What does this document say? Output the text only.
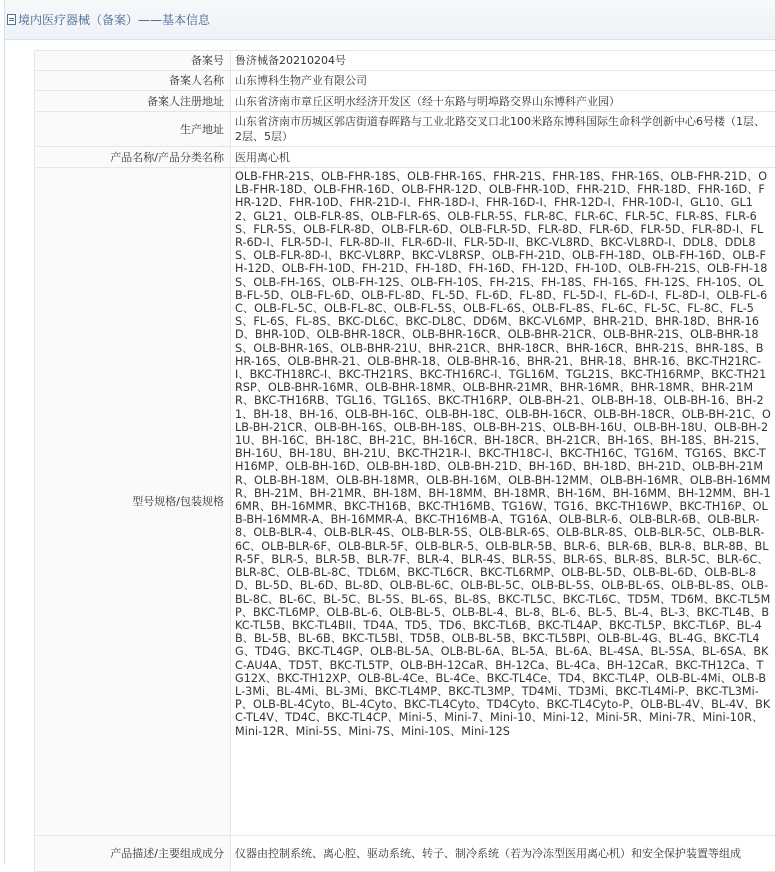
境内医疗器械（备案）——基本信息
备案号	鲁济械备20210204号
备案人名称	山东博科生物产业有限公司
备案人注册地址	山东省济南市章丘区明水经济开发区（经十东路与明埠路交界山东博科产业园）
生产地址	山东省济南市历城区郭店街道春晖路与工业北路交叉口北100米路东博科国际生命科学创新中心6号楼（1层、2层、5层）
产品名称/产品分类名称	医用离心机
型号规格/包装规格	OLB-FHR-21S、OLB-FHR-18S、OLB-FHR-16S、FHR-21S、FHR-18S、FHR-16S、OLB-FHR-21D、OLB-FHR-18D、OLB-FHR-16D、OLB-FHR-12D、OLB-FHR-10D、FHR-21D、FHR-18D、FHR-16D、FHR-12D、FHR-10D、FHR-21D-I、FHR-18D-I、FHR-16D-I、FHR-12D-I、FHR-10D-I、GL10、GL12、GL21、OLB-FLR-8S、OLB-FLR-6S、OLB-FLR-5S、FLR-8C、FLR-6C、FLR-5C、FLR-8S、FLR-6S、FLR-5S、OLB-FLR-8D、OLB-FLR-6D、OLB-FLR-5D、FLR-8D、FLR-6D、FLR-5D、FLR-8D-I、FLR-6D-I、FLR-5D-I、FLR-8D-II、FLR-6D-II、FLR-5D-II、BKC-VL8RD、BKC-VL8RD-I、DDL8、DDL8S、OLB-FLR-8D-I、BKC-VL8RP、BKC-VL8RSP、OLB-FH-21D、OLB-FH-18D、OLB-FH-16D、OLB-FH-12D、OLB-FH-10D、FH-21D、FH-18D、FH-16D、FH-12D、FH-10D、OLB-FH-21S、OLB-FH-18S、OLB-FH-16S、OLB-FH-12S、OLB-FH-10S、FH-21S、FH-18S、FH-16S、FH-12S、FH-10S、OLB-FL-5D、OLB-FL-6D、OLB-FL-8D、FL-5D、FL-6D、FL-8D、FL-5D-I、FL-6D-I、FL-8D-I、OLB-FL-6C、OLB-FL-5C、OLB-FL-8C、OLB-FL-5S、OLB-FL-6S、OLB-FL-8S、FL-6C、FL-5C、FL-8C、FL-5S、FL-6S、FL-8S、BKC-DL6C、BKC-DL8C、DD6M、BKC-VL6MP、BHR-21D、BHR-18D、BHR-16D、BHR-10D、OLB-BHR-18CR、OLB-BHR-16CR、OLB-BHR-21CR、OLB-BHR-21S、OLB-BHR-18S、OLB-BHR-16S、OLB-BHR-21U、BHR-21CR、BHR-18CR、BHR-16CR、BHR-21S、BHR-18S、BHR-16S、OLB-BHR-21、OLB-BHR-18、OLB-BHR-16、BHR-21、BHR-18、BHR-16、BKC-TH21RC-I、BKC-TH18RC-I、BKC-TH21RS、BKC-TH16RC-I、TGL16M、TGL21S、BKC-TH16RMP、BKC-TH21RSP、OLB-BHR-16MR、OLB-BHR-18MR、OLB-BHR-21MR、BHR-16MR、BHR-18MR、BHR-21MR、BKC-TH16RB、TGL16、TGL16S、BKC-TH16RP、OLB-BH-21、OLB-BH-18、OLB-BH-16、BH-21、BH-18、BH-16、OLB-BH-16C、OLB-BH-18C、OLB-BH-16CR、OLB-BH-18CR、OLB-BH-21C、OLB-BH-21CR、OLB-BH-16S、OLB-BH-18S、OLB-BH-21S、OLB-BH-16U、OLB-BH-18U、OLB-BH-21U、BH-16C、BH-18C、BH-21C、BH-16CR、BH-18CR、BH-21CR、BH-16S、BH-18S、BH-21S、BH-16U、BH-18U、BH-21U、BKC-TH21R-I、BKC-TH18C-I、BKC-TH16C、TG16M、TG16S、BKC-TH16MP、OLB-BH-16D、OLB-BH-18D、OLB-BH-21D、BH-16D、BH-18D、BH-21D、OLB-BH-21MR、OLB-BH-18M、OLB-BH-18MR、OLB-BH-16M、OLB-BH-12MM、OLB-BH-16MR、OLB-BH-16MMR、BH-21M、BH-21MR、BH-18M、BH-18MM、BH-18MR、BH-16M、BH-16MM、BH-12MM、BH-16MR、BH-16MMR、BKC-TH16B、BKC-TH16MB、TG16W、TG16、BKC-TH16WP、BKC-TH16P、OLB-BH-16MMR-A、BH-16MMR-A、BKC-TH16MB-A、TG16A、OLB-BLR-6、OLB-BLR-6B、OLB-BLR-8、OLB-BLR-4、OLB-BLR-4S、OLB-BLR-5S、OLB-BLR-6S、OLB-BLR-8S、OLB-BLR-5C、OLB-BLR-6C、OLB-BLR-6F、OLB-BLR-5F、OLB-BLR-5、OLB-BLR-5B、BLR-6、BLR-6B、BLR-8、BLR-8B、BLR-5F、BLR-5、BLR-5B、BLR-7F、BLR-4、BLR-4S、BLR-5S、BLR-6S、BLR-8S、BLR-5C、BLR-6C、BLR-8C、OLB-BL-8C、TDL6M、BKC-TL6CR、BKC-TL6RMP、OLB-BL-5D、OLB-BL-6D、OLB-BL-8D、BL-5D、BL-6D、BL-8D、OLB-BL-6C、OLB-BL-5C、OLB-BL-5S、OLB-BL-6S、OLB-BL-8S、OLB-BL-8C、BL-6C、BL-5C、BL-5S、BL-6S、BL-8S、BKC-TL5C、BKC-TL6C、TD5M、TD6M、BKC-TL5MP、BKC-TL6MP、OLB-BL-6、OLB-BL-5、OLB-BL-4、BL-8、BL-6、BL-5、BL-4、BL-3、BKC-TL4B、BKC-TL5B、BKC-TL4BII、TD4A、TD5、TD6、BKC-TL6B、BKC-TL4AP、BKC-TL5P、BKC-TL6P、BL-4B、BL-5B、BL-6B、BKC-TL5BI、TD5B、OLB-BL-5B、BKC-TL5BPI、OLB-BL-4G、BL-4G、BKC-TL4G、TD4G、BKC-TL4GP、OLB-BL-5A、OLB-BL-6A、BL-5A、BL-6A、BL-4SA、BL-5SA、BL-6SA、BKC-AU4A、TD5T、BKC-TL5TP、OLB-BH-12CaR、BH-12Ca、BL-4Ca、BH-12CaR、BKC-TH12Ca、TG12X、BKC-TH12XP、OLB-BL-4Ce、BL-4Ce、BKC-TL4Ce、TD4、BKC-TL4P、OLB-BL-4Mi、OLB-BL-3Mi、BL-4Mi、BL-3Mi、BKC-TL4MP、BKC-TL3MP、TD4Mi、TD3Mi、BKC-TL4Mi-P、BKC-TL3Mi-P、OLB-BL-4Cyto、BL-4Cyto、BKC-TL4Cyto、TD4Cyto、BKC-TL4Cyto-P、OLB-BL-4V、BL-4V、BKC-TL4V、TD4C、BKC-TL4CP、Mini-5、Mini-7、Mini-10、Mini-12、Mini-5R、Mini-7R、Mini-10R、Mini-12R、Mini-5S、Mini-7S、Mini-10S、Mini-12S
产品描述/主要组成成分	仪器由控制系统、离心腔、驱动系统、转子、制冷系统（若为冷冻型医用离心机）和安全保护装置等组成
